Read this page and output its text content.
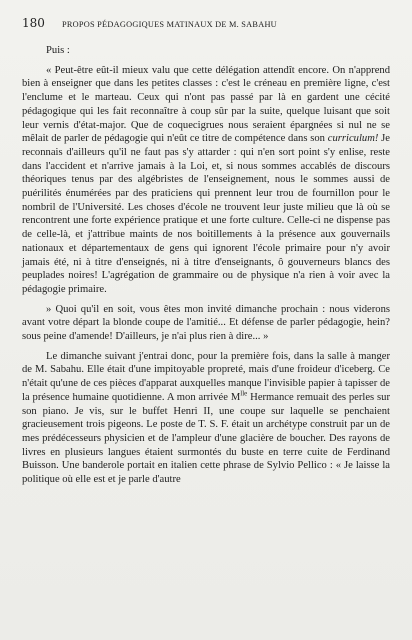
180	PROPOS PÉDAGOGIQUES MATINAUX DE M. SABAHU

Puis :

« Peut-être eût-il mieux valu que cette délégation attendît encore. On n'apprend bien à enseigner que dans les petites classes : c'est le créneau en première ligne, c'est l'enclume et le marteau. Ceux qui n'ont pas passé par là en gardent une cécité pédagogique qui les fait reconnaître à coup sûr par la suite, quelque luisant que soit leur vernis d'état-major. Que de coquecigrues nous seraient épargnées si nul ne se mêlait de parler de pédagogie qui n'eût ce titre de compétence dans son curriculum! Je reconnais d'ailleurs qu'il ne faut pas s'y attarder : qui n'en sort point s'y enlise, reste dans l'accident et n'arrive jamais à la Loi, et, si nous sommes accablés de discours théoriques tenus par des algébristes de l'enseignement, nous le sommes aussi de puérilités énumérées par des praticiens qui prennent leur trou de fournillon pour le nombril de l'Université. Les choses d'école ne trouvent leur juste milieu que là où se rencontrent une forte expérience pratique et une forte culture. Celle-ci ne dispense pas de celle-là, et j'attribue maints de nos boitillements à la présence aux gouvernails nationaux et départementaux de gens qui ignorent l'école primaire pour n'y avoir jamais été, ni à titre d'enseignés, ni à titre d'enseignants, ô gouverneurs blancs des peuplades noires! L'agrégation de grammaire ou de physique n'a rien à voir avec la pédagogie primaire.

» Quoi qu'il en soit, vous êtes mon invité dimanche prochain : nous viderons avant votre départ la blonde coupe de l'amitié... Et défense de parler pédagogie, hein? sous peine d'amende! D'ailleurs, je n'ai plus rien à dire... »

Le dimanche suivant j'entrai donc, pour la première fois, dans la salle à manger de M. Sabahu. Elle était d'une impitoyable propreté, mais d'une froideur d'iceberg. Ce n'était qu'une de ces pièces d'apparat auxquelles manque l'invisible papier à tapisser de la présence humaine quotidienne. A mon arrivée $M^{lle}$ Hermance remuait des perles sur son piano. Je vis, sur le buffet Henri II, une coupe sur laquelle se penchaient gracieusement trois pigeons. Le poste de T. S. F. était un archétype construit par un de mes prédécesseurs physicien et de l'ampleur d'une glacière de boucher. Des rayons de livres en plusieurs langues étaient surmontés du buste en terre cuite de Ferdinand Buisson. Une banderole portait en italien cette phrase de Sylvio Pellico : « Je laisse la politique où elle est et je parle d'autre
